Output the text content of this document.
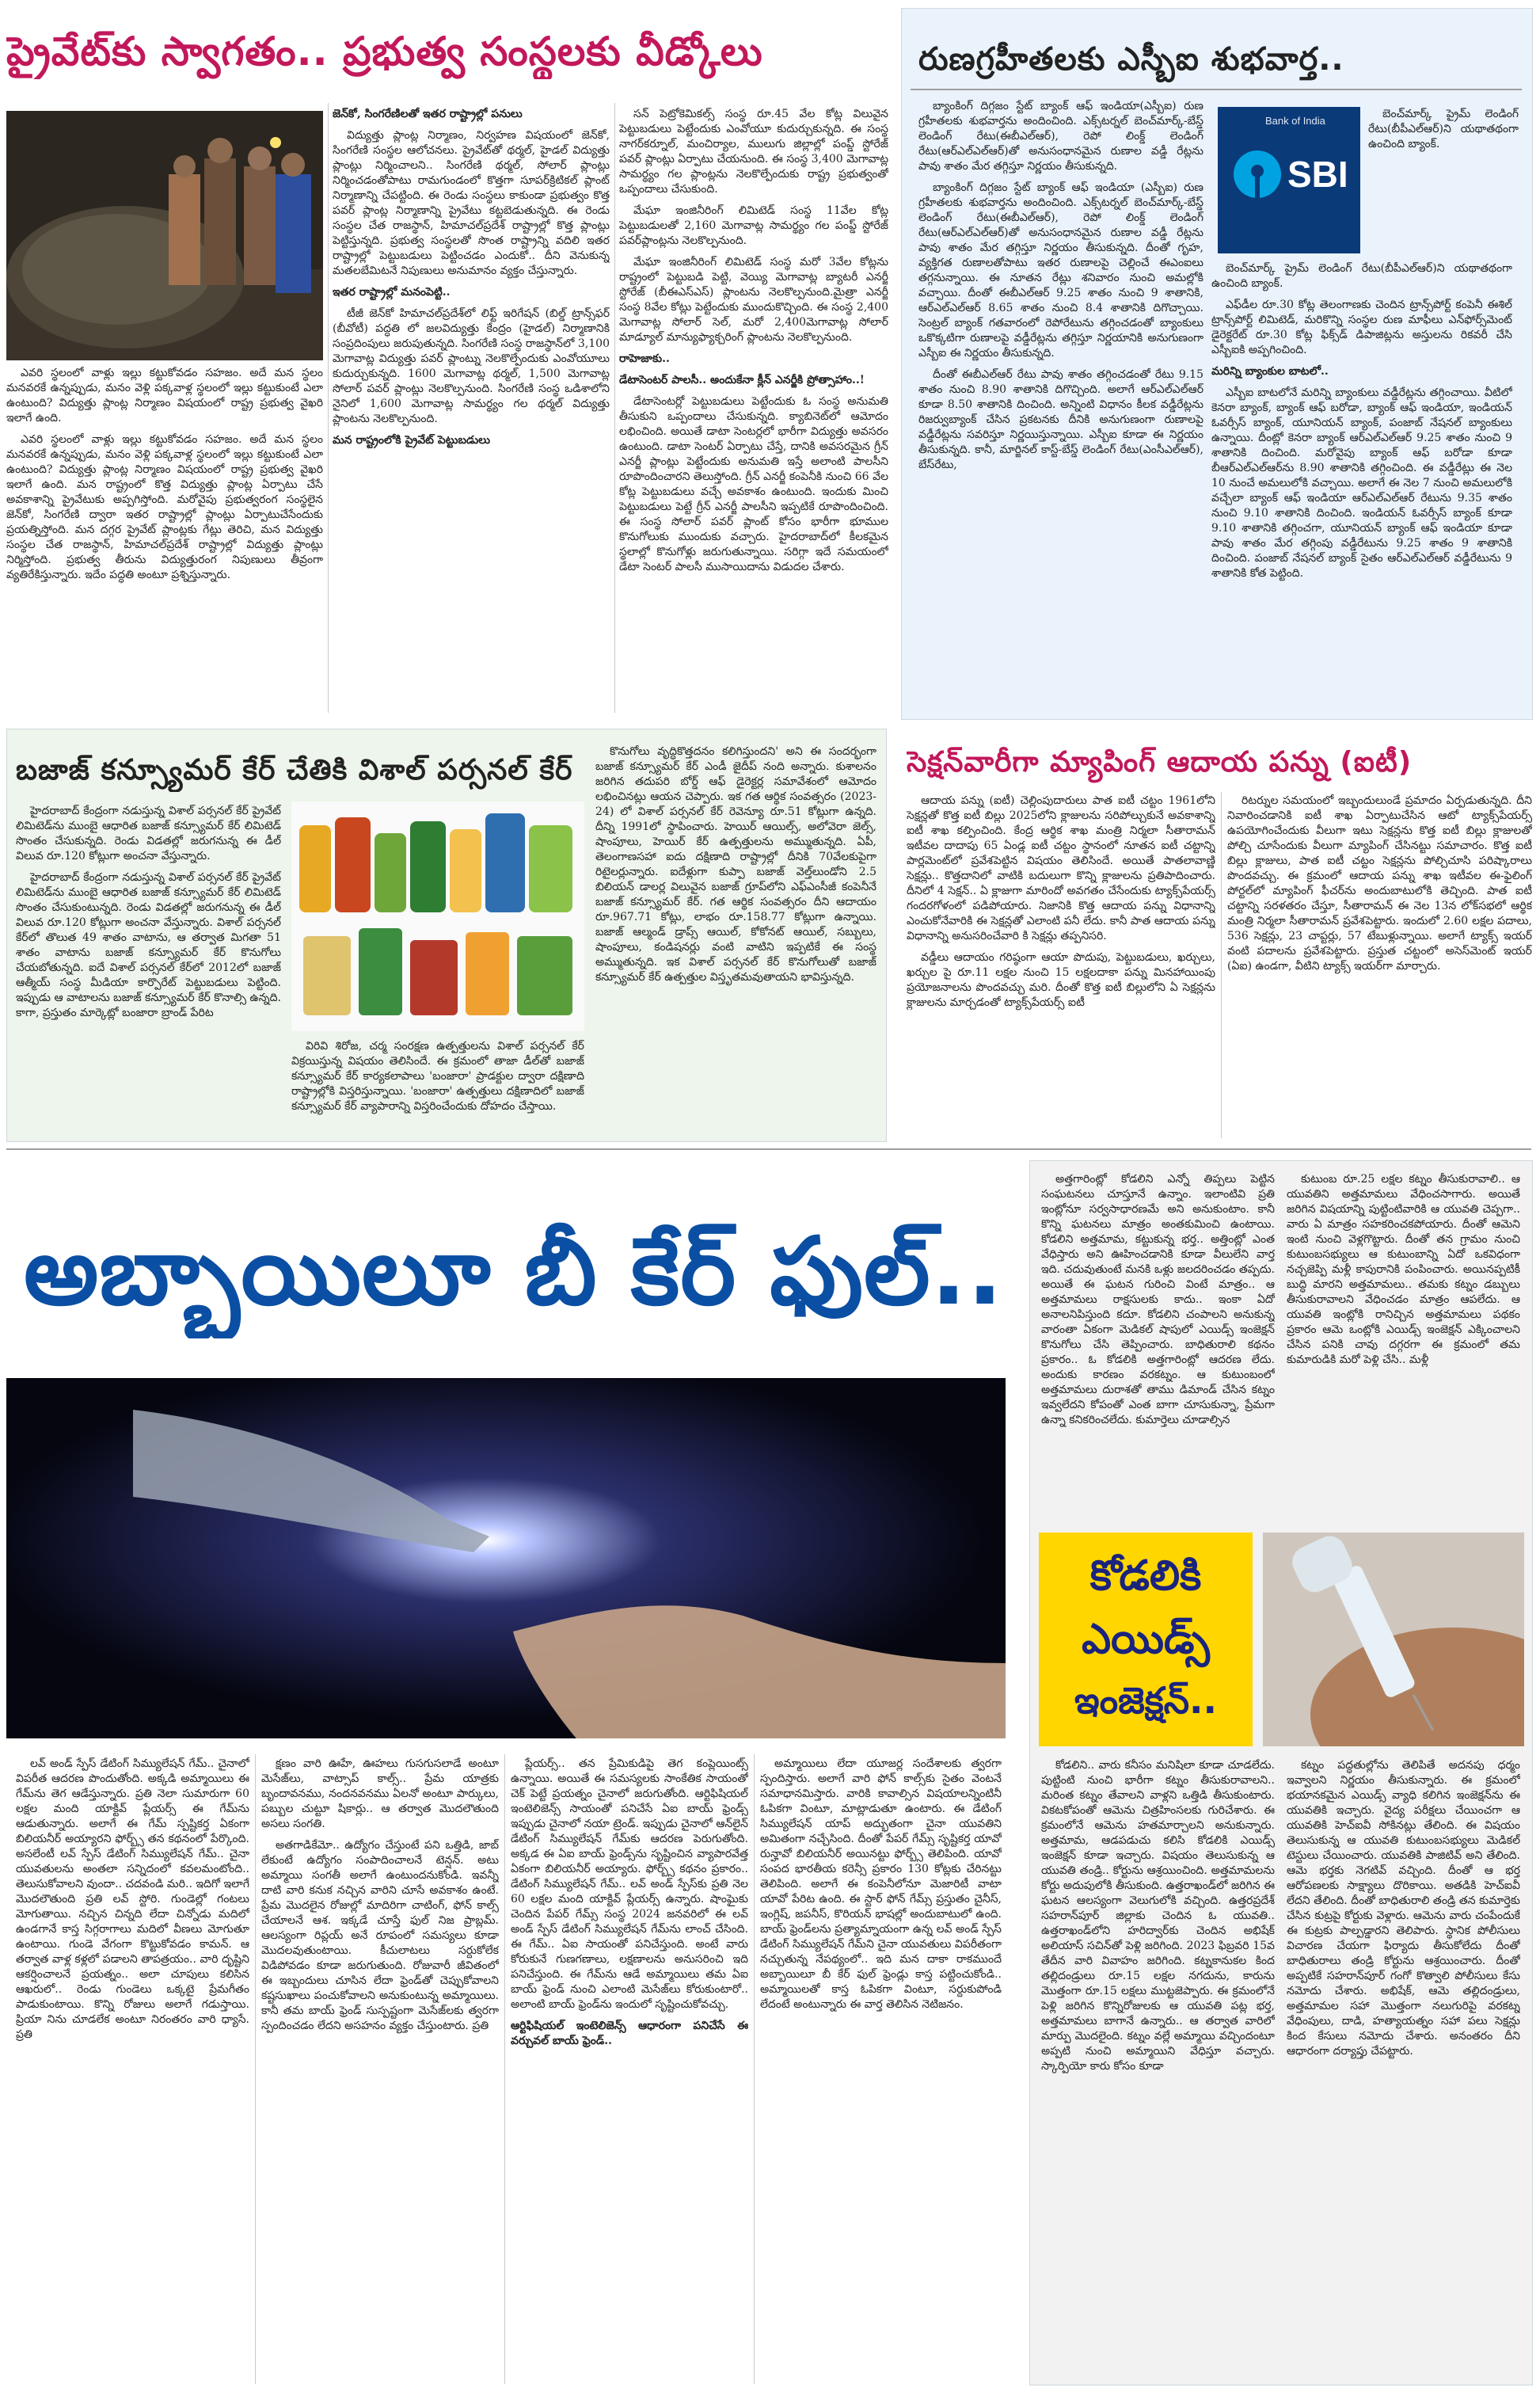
ప్రైవేట్‌కు స్వాగతం.. ప్రభుత్వ సంస్థలకు వీడ్కోలు

ఎవరి స్థలంలో వాళ్లు ఇల్లు కట్టుకోవడం సహజం. అదే మన స్థలం మనవరకే ఉన్నప్పుడు, మనం వెళ్లి పక్కవాళ్ల స్థలంలో ఇల్లు కట్టుకుంటే ఎలా ఉంటుంది? విద్యుత్తు ప్లాంట్ల నిర్మాణం విషయంలో రాష్ట్ర ప్రభుత్వ వైఖరి ఇలాగే ఉంది.

ఎవరి స్థలంలో వాళ్లు ఇల్లు కట్టుకోవడం సహజం. అదే మన స్థలం మనవరకే ఉన్నప్పుడు, మనం వెళ్లి పక్కవాళ్ల స్థలంలో ఇల్లు కట్టుకుంటే ఎలా ఉంటుంది? విద్యుత్తు ప్లాంట్ల నిర్మాణం విషయంలో రాష్ట్ర ప్రభుత్వ వైఖరి ఇలాగే ఉంది. మన రాష్ట్రంలో కొత్త విద్యుత్తు ప్లాంట్ల ఏర్పాటు చేసే అవకాశాన్ని ప్రైవేటుకు అప్పగిస్తోంది. మరోవైపు ప్రభుత్వరంగ సంస్థలైన జెన్‌కో, సింగరేణి ద్వారా ఇతర రాష్ట్రాల్లో ప్లాంట్లు ఏర్పాటుచేసేందుకు ప్రయత్నిస్తోంది. మన దగ్గర ప్రైవేట్ ప్లాంట్లకు గేట్లు తెరిచి, మన విద్యుత్తు సంస్థల చేత రాజస్థాన్, హిమాచల్‌ప్రదేశ్ రాష్ట్రాల్లో విద్యుత్తు ప్లాంట్లు నిర్మిస్తోంది. ప్రభుత్వ తీరును విద్యుత్తురంగ నిపుణులు తీవ్రంగా వ్యతిరేకిస్తున్నారు. ఇదేం పద్ధతి అంటూ ప్రశ్నిస్తున్నారు.

జెన్‌కో, సింగరేణిలతో ఇతర రాష్ట్రాల్లో పనులు

విద్యుత్తు ప్లాంట్ల నిర్మాణం, నిర్వహణ విషయంలో జెన్‌కో, సింగరేణి సంస్థల ఆలోచనలు. ప్రైవేట్‌తో థర్మల్, హైడల్ విద్యుత్తు ప్లాంట్లు నిర్మించాలని.. సింగరేణి థర్మల్, సోలార్ ప్లాంట్లు నిర్మించడంతోపాటు రామగుండంలో కొత్తగా సూపర్‌క్రిటికల్ ప్లాంట్ నిర్మాణాన్ని చేపట్టింది. ఈ రెండు సంస్థలు కాకుండా ప్రభుత్వం కొత్త పవర్ ప్లాంట్ల నిర్మాణాన్ని ప్రైవేటు కట్టబెడుతున్నది. ఈ రెండు సంస్థల చేత రాజస్థాన్, హిమాచల్‌ప్రదేశ్ రాష్ట్రాల్లో కొత్త ప్లాంట్లు పెట్టిస్తున్నది. ప్రభుత్వ సంస్థలతో సొంత రాష్ట్రాన్ని వదిలి ఇతర రాష్ట్రాల్లో పెట్టుబడులు పెట్టించడం ఎందుకో.. దీని వెనుకున్న మతలబేమిటనే నిపుణులు అనుమానం వ్యక్తం చేస్తున్నారు.

ఇతర రాష్ట్రాల్లో మనంపెట్టి..

టీజీ జెన్‌కో హిమాచల్‌ప్రదేశ్‌లో లిఫ్ట్ ఇరిగేషన్ (బిల్డ్ ట్రాన్స్‌ఫర్ (బీవోటీ) పద్ధతి లో జలవిద్యుత్తు కేంద్రం (హైడల్) నిర్మాణానికి సంప్రదింపులు జరుపుతున్నది. సింగరేణి సంస్థ రాజస్థాన్‌లో 3,100 మెగావాట్ల విద్యుత్తు పవర్ ప్లాంట్ను నెలకొల్పేందుకు ఎంవోయూలు కుదుర్చుకున్నది. 1600 మెగావాట్ల థర్మల్, 1,500 మెగావాట్ల సోలార్ పవర్ ప్లాంట్లు నెలకొల్పనుంది. సింగరేణి సంస్థ ఒడిశాలోని నైనిలో 1,600 మెగావాట్ల సామర్థ్యం గల థర్మల్ విద్యుత్తు ప్లాంటను నెలకొల్పనుంది.

మన రాష్ట్రంలోకి ప్రైవేట్ పెట్టుబడులు

సన్ పెట్రోకెమికల్స్ సంస్థ రూ.45 వేల కోట్ల విలువైన పెట్టుబడులు పెట్టేందుకు ఎంవోయూ కుదుర్చుకున్నది. ఈ సంస్థ నాగర్‌కర్నూల్, మంచిర్యాల, ములుగు జిల్లాల్లో పంప్డ్ స్టోరేజ్ పవర్ ప్లాంట్లు ఏర్పాటు చేయనుంది. ఈ సంస్థ 3,400 మెగావాట్ల సామర్థ్యం గల ప్లాంట్లను నెలకొల్పేందుకు రాష్ట్ర ప్రభుత్వంతో ఒప్పందాలు చేసుకుంది.

మేఘా ఇంజినీరింగ్ లిమిటెడ్ సంస్థ 11వేల కోట్ల పెట్టుబడులతో 2,160 మెగావాట్ల సామర్థ్యం గల పంప్డ్ స్టోరేజ్ పవర్‌ప్లాంట్లను నెలకొల్పనుంది.

మేఘా ఇంజినీరింగ్ లిమిటెడ్ సంస్థ మరో 3వేల కోట్లను రాష్ట్రంలో పెట్టుబడి పెట్టి, వెయ్యి మెగావాట్ల బ్యాటరీ ఎనర్జీ స్టోరేజ్ (బీఈఎస్ఎస్) ప్లాంటను నెలకొల్పనుంది.మైత్రా ఎనర్జీ సంస్థ 8వేల కోట్లు పెట్టేందుకు ముందుకొచ్చింది. ఈ సంస్థ 2,400 మెగావాట్ల సోలార్ సెల్, మరో 2,400మెగావాట్ల సోలార్ మాడ్యూల్ మాన్యుఫ్యాక్చరింగ్ ప్లాంటను నెలకొల్పనుంది.

రాహెజాకు..

డేటాసెంటర్ పాలసీ.. అందుకేనా క్లీన్ ఎనర్జీకి ప్రోత్సాహాం..!

డేటాసెంటర్లో పెట్టుబడులు పెట్టేందుకు ఓ సంస్థ అనుమతి తీసుకుని ఒప్పందాలు చేసుకున్నది. క్యాబినెట్‌లో ఆమోదం లభించింది. అయితే డాటా సెంటర్లలో భారీగా విద్యుత్తు అవసరం ఉంటుంది. డాటా సెంటర్ ఏర్పాటు చేస్తే, దానికి అవసరమైన గ్రీన్ ఎనర్జీ ప్లాంట్లు పెట్టేందుకు అనుమతి ఇస్తే అలాంటి పాలసీని రూపొందించారని తెలుస్తోంది. గ్రీన్ ఎనర్జీ కంపెనీకి నుంచి 66 వేల కోట్ల పెట్టుబడులు వచ్చే అవకాశం ఉంటుంది. ఇందుకు మించి పెట్టుబడులు పెట్టే గ్రీన్ ఎనర్జీ పాలసీని ఇప్పటికే రూపొందించింది. ఈ సంస్థ సోలార్ పవర్ ప్లాంట్ కోసం భారీగా భూముల కొనుగోలుకు ముందుకు వచ్చారు. హైదరాబాద్‌లో కీలకమైన స్థలాల్లో కొనుగోళ్లు జరుగుతున్నాయి. సరిగ్గా ఇదే సమయంలో డేటా సెంటర్ పాలసీ ముసాయిదాను విడుదల చేశారు.

రుణగ్రహీతలకు ఎస్బీఐ శుభవార్త..

బ్యాంకింగ్ దిగ్గజం స్టేట్ బ్యాంక్ ఆఫ్ ఇండియా(ఎస్బీఐ) రుణ గ్రహీతలకు శుభవార్తను అందించింది. ఎక్స్‌టర్నల్ బెంచ్‌మార్క్-బేస్డ్ లెండింగ్ రేటు(ఈబీఎల్‌ఆర్), రెపో లింక్డ్ లెండింగ్ రేటు(ఆర్‌ఎల్‌ఎల్‌ఆర్)తో అనుసంధానమైన రుణాల వడ్డీ రేట్లను పావు శాతం మేర తగ్గిస్తూ నిర్ణయం తీసుకున్నది.

బ్యాంకింగ్ దిగ్గజం స్టేట్ బ్యాంక్ ఆఫ్ ఇండియా (ఎస్బీఐ) రుణ గ్రహీతలకు శుభవార్తను అందించింది. ఎక్స్‌టర్నల్ బెంచ్‌మార్క్-బేస్డ్ లెండింగ్ రేటు(ఈబీఎల్‌ఆర్), రెపో లింక్డ్ లెండింగ్ రేటు(ఆర్‌ఎల్‌ఎల్‌ఆర్)తో అనుసంధానమైన రుణాల వడ్డీ రేట్లను పావు శాతం మేర తగ్గిస్తూ నిర్ణయం తీసుకున్నది. దీంతో గృహ, వ్యక్తిగత రుణాలతోపాటు ఇతర రుణాలపై చెల్లించే ఈఎంఐలు తగ్గనున్నాయి. ఈ నూతన రేట్లు శనివారం నుంచి అమల్లోకి వచ్చాయి. దీంతో ఈబీఎల్‌ఆర్ 9.25 శాతం నుంచి 9 శాతానికి, ఆర్‌ఎల్‌ఎల్‌ఆర్ 8.65 శాతం నుంచి 8.4 శాతానికి దిగొచ్చాయి. సెంట్రల్ బ్యాంక్ గతవారంలో రెపోరేటును తగ్గించడంతో బ్యాంకులు ఒకొక్కటిగా రుణాలపై వడ్డీరేట్లను తగ్గిస్తూ నిర్ణయానికి అనుగుణంగా ఎస్బీఐ ఈ నిర్ణయం తీసుకున్నది.

దీంతో ఈబీఎల్‌ఆర్ రేటు పావు శాతం తగ్గించడంతో రేటు 9.15 శాతం నుంచి 8.90 శాతానికి దిగొచ్చింది. అలాగే ఆర్‌ఎల్‌ఎల్‌ఆర్ కూడా 8.50 శాతానికి దించింది. అన్నింటి విధానం కీలక వడ్డీరేట్లను రిజర్వుబ్యాంక్ చేసిన ప్రకటనకు దీనికి అనుగుణంగా రుణాలపై వడ్డీరేట్లను సవరిస్తూ నిర్ణయిస్తున్నాయి. ఎస్బీఐ కూడా ఈ నిర్ణయం తీసుకున్నది. కానీ, మార్జినల్ కాస్ట్-బేస్డ్ లెండింగ్ రేటు(ఎంసీఎల్‌ఆర్), బేస్‌రేటు,

Bank of India
SBI

బెంచ్‌మార్క్ ప్రైమ్ లెండింగ్ రేటు(బీపీఎల్‌ఆర్)ని యథాతథంగా ఉంచింది బ్యాంక్.

ఎఫ్‌డీల రూ.30 కోట్ల తెలంగాణకు చెందిన ట్రాన్స్‌పోర్ట్ కంపెనీ ఈశిల్ ట్రాన్స్‌పోర్ట్ లిమిటెడ్, మరికొన్ని సంస్థల రుణ మాఫీలు ఎన్‌ఫోర్స్‌మెంట్ డైరెక్టరేట్ రూ.30 కోట్ల ఫిక్స్‌డ్ డిపాజిట్లను అస్తులను రికవరీ చేసి ఎస్బీఐకి అప్పగించింది.

మరిన్ని బ్యాంకుల బాటలో..

ఎస్బీఐ బాటలోనే మరిన్ని బ్యాంకులు వడ్డీరేట్లను తగ్గించాయి. వీటిలో కెనరా బ్యాంక్, బ్యాంక్ ఆఫ్ బరోడా, బ్యాంక్ ఆఫ్ ఇండియా, ఇండియన్ ఓవర్సీస్ బ్యాంక్, యూనియన్ బ్యాంక్, పంజాబ్ నేషనల్ బ్యాంకులు ఉన్నాయి. దీంట్లో కెనరా బ్యాంక్ ఆర్‌ఎల్‌ఎల్‌ఆర్ 9.25 శాతం నుంచి 9 శాతానికి దించింది. మరోవైపు బ్యాంక్ ఆఫ్ బరోడా కూడా బీఆర్‌ఎల్‌ఎల్‌ఆర్‌ను 8.90 శాతానికి తగ్గించింది. ఈ వడ్డీరేట్లు ఈ నెల 10 నుంచే అమలులోకి వచ్చాయి. అలాగే ఈ నెల 7 నుంచి అమలులోకి వచ్చేలా బ్యాంక్ ఆఫ్ ఇండియా ఆర్‌ఎల్‌ఎల్‌ఆర్ రేటును 9.35 శాతం నుంచి 9.10 శాతానికి దించింది. ఇండియన్ ఓవర్సీస్ బ్యాంక్ కూడా 9.10 శాతానికి తగ్గించగా, యూనియన్ బ్యాంక్ ఆఫ్ ఇండియా కూడా పావు శాతం మేర తగ్గింపు వడ్డీరేటును 9.25 శాతం 9 శాతానికి దించింది. పంజాబ్ నేషనల్ బ్యాంక్ సైతం ఆర్‌ఎల్‌ఎల్‌ఆర్ వడ్డీరేటును 9 శాతానికి కోత పెట్టింది.

బెంచ్‌మార్క్ ప్రైమ్ లెండింగ్ రేటు(బీపీఎల్‌ఆర్)ని యథాతథంగా ఉంచింది బ్యాంక్.

బజాజ్ కన్స్యూమర్ కేర్ చేతికి విశాల్ పర్సనల్ కేర్

హైదరాబాద్ కేంద్రంగా నడుస్తున్న విశాల్ పర్సనల్ కేర్ ప్రైవేట్ లిమిటెడ్‌ను ముంబై ఆధారిత బజాజ్ కన్స్యూమర్ కేర్ లిమిటెడ్ సొంతం చేసుకున్నది. రెండు విడతల్లో జరుగనున్న ఈ డీల్ విలువ రూ.120 కోట్లుగా అంచనా వేస్తున్నారు.

హైదరాబాద్ కేంద్రంగా నడుస్తున్న విశాల్ పర్సనల్ కేర్ ప్రైవేట్ లిమిటెడ్‌ను ముంబై ఆధారిత బజాజ్ కన్స్యూమర్ కేర్ లిమిటెడ్ సొంతం చేసుకుంటున్నది. రెండు విడతల్లో జరుగనున్న ఈ డీల్ విలువ రూ.120 కోట్లుగా అంచనా వేస్తున్నారు. విశాల్ పర్సనల్ కేర్‌లో తొలుత 49 శాతం వాటాను, ఆ తర్వాత మిగతా 51 శాతం వాటాను బజాజ్ కన్స్యూమర్ కేర్ కొనుగోలు చేయబోతున్నది. ఐదే విశాల్ పర్సనల్ కేర్‌లో 2012లో బజాజ్ ఆత్మీయ్ సంస్థ మీడియా కార్పొరేట్ పెట్టుబడులు పెట్టింది. ఇప్పుడు ఆ వాటాలను బజాజ్ కన్స్యూమర్ కేర్ కొనాల్సి ఉన్నది. కాగా, ప్రస్తుతం మార్కెట్లో బంజారా బ్రాండ్ పేరిట

విరివి శిరోజ, చర్మ సంరక్షణ ఉత్పత్తులను విశాల్ పర్సనల్ కేర్ విక్రయిస్తున్న విషయం తెలిసిందే. ఈ క్రమంలో తాజా డీల్‌తో బజాజ్ కన్స్యూమర్ కేర్ కార్యకలాపాలు 'బంజారా' ప్రాడక్టుల ద్వారా దక్షిణాది రాష్ట్రాల్లోకి విస్తరిస్తున్నాయి. 'బంజారా' ఉత్పత్తులు దక్షిణాదిలో బజాజ్ కన్స్యూమర్ కేర్ వ్యాపారాన్ని విస్తరించేందుకు దోహదం చేస్తాయి.

కొనుగోలు వృద్ధికొత్తదనం కలిగిస్తుందని' అని ఈ సందర్భంగా బజాజ్ కన్స్యూమర్ కేర్ ఎండీ జైదీప్ నంది అన్నారు. కుశాలనం జరిగిన తదుపరి బోర్డ్ ఆఫ్ డైరెక్టర్ల సమావేశంలో ఆమోదం లభించినట్లు ఆయన చెప్పారు. ఇక గత ఆర్థిక సంవత్సరం (2023-24) లో విశాల్ పర్సనల్ కేర్ రెవెన్యూ రూ.51 కోట్లుగా ఉన్నది. దీన్ని 1991లో స్థాపించారు. హెయిర్ ఆయిల్స్, అలోవెరా జెల్స్, షాంపూలు, హెయిర్ కేర్ ఉత్పత్తులను అమ్ముతున్నది. ఏపీ, తెలంగాణసహా ఐదు దక్షిణాది రాష్ట్రాల్లో దీనికి 70వేలకుపైగా రిటైలర్లున్నారు. ఐదేళ్లుగా కుప్పా బజాజ్ వెల్త్‌లుండోని 2.5 బిలియన్ డాలర్ల విలువైన బజాజ్ గ్రూప్‌లోని ఎఫ్‌ఎంసీజీ కంపెనీనే బజాజ్ కన్స్యూమర్ కేర్. గత ఆర్థిక సంవత్సరం దీని ఆదాయం రూ.967.71 కోట్లు, లాభం రూ.158.77 కోట్లుగా ఉన్నాయి. బజాజ్ ఆల్మండ్ డ్రాప్స్ ఆయిల్, కోకోనట్ ఆయిల్, సబ్బులు, షాంపూలు, కండిషనర్లు వంటి వాటిని ఇప్పటికే ఈ సంస్థ అమ్ముతున్నది. ఇక విశాల్ పర్సనల్ కేర్ కొనుగోలుతో బజాజ్ కన్స్యూమర్ కేర్ ఉత్పత్తుల విస్తృతమవుతాయని భావిస్తున్నది.

సెక్షన్‌వారీగా మ్యాపింగ్ ఆదాయ పన్ను (ఐటీ)

ఆదాయ పన్ను (ఐటీ) చెల్లింపుదారులు పాత ఐటీ చట్టం 1961లోని సెక్షన్లతో కొత్త ఐటీ బిల్లు 2025లోని క్లాజులను సరిపోల్చుకునే అవకాశాన్ని ఐటీ శాఖ కల్పించింది. కేంద్ర ఆర్థిక శాఖ మంత్రి నిర్మలా సీతారామన్ ఇటీవల దాదాపు 65 ఏండ్ల ఐటీ చట్టం స్థానంలో నూతన ఐటీ చట్టాన్ని పార్లమెంట్‌లో ప్రవేశపెట్టిన విషయం తెలిసిందే. అయితే పాతలావాణ్ణి సెక్షన్లు.. కొత్తదానిలో వాటికి బదులుగా కొన్ని క్లాజులను ప్రతిపాదించారు. దీనిలో 4 సెక్షన్.. ఏ క్లాజుగా మారిందో అవగతం చేసేందుకు ట్యాక్స్‌పేయర్స్ గందరగోళంలో పడిపోయారు. నిజానికి కొత్త ఆదాయ పన్ను విధానాన్ని ఎంచుకోనేవారికి ఈ సెక్షన్లతో ఎలాంటి పనీ లేదు. కానీ పాత ఆదాయ పన్ను విధానాన్ని అనుసరించేవారి కి సెక్షన్లు తప్పనిసరి.

వడ్డీలు ఆదాయం గరిష్ఠంగా ఆయా పొదుపు, పెట్టుబడులు, ఖర్చులు, ఖర్చుల పై రూ.11 లక్షల నుంచి 15 లక్షలదాకా పన్ను మినహాయింపు ప్రయోజనాలను పొందవచ్చు మరి. దీంతో కొత్త ఐటీ బిల్లులోని ఏ సెక్షన్లను క్లాజులను మార్చడంతో ట్యాక్స్‌పేయర్స్ ఐటీ

రిటర్నుల సమయంలో ఇబ్బందులుండే ప్రమాదం ఏర్పడుతున్నది. దీని నివారించడానికి ఐటీ శాఖ ఏర్పాటుచేసిన ఆటో ట్యాక్స్‌పేయర్స్ ఉపయోగించేందుకు వీలుగా ఇటు సెక్షన్లను కొత్త ఐటీ బిల్లు క్లాజులతో పోల్చి చూసేందుకు వీలుగా మ్యాపింగ్ చేసినట్టు సమాచారం. కొత్త ఐటీ బిల్లు క్లాజులు, పాత ఐటీ చట్టం సెక్షన్లను పోల్చిచూసి పరిష్కారాలు పొందవచ్చు. ఈ క్రమంలో ఆదాయ పన్ను శాఖ ఇటీవల ఈ-ఫైలింగ్ పోర్టల్‌లో మ్యాపింగ్ ఫీచర్‌ను అందుబాటులోకి తెచ్చింది. పాత ఐటీ చట్టాన్ని సరళతరం చేస్తూ, సీతారామన్ ఈ నెల 13న లోక్‌సభలో ఆర్థిక మంత్రి నిర్మలా సీతారామన్ ప్రవేశపెట్టారు. ఇందులో 2.60 లక్షల పదాలు, 536 సెక్షన్లు, 23 చాప్టర్లు, 57 టేబుళ్లున్నాయి. అలాగే ట్యాక్స్ ఇయర్ వంటి పదాలను ప్రవేశపెట్టారు. ప్రస్తుత చట్టంలో అసెస్‌మెంట్ ఇయర్ (ఏఐ) ఉండగా, వీటిని ట్యాక్స్ ఇయర్‌గా మార్చారు.

అబ్బాయిలూ బీ కేర్ ఫుల్..

లవ్ అండ్ స్పేస్ డేటింగ్ సిమ్యులేషన్ గేమ్.. చైనాలో విపరీత ఆదరణ పొందుతోంది. అక్కడి అమ్మాయిలు ఈ గేమ్‌ను తెగ ఆడేస్తున్నారు. ప్రతి నెలా సుమారుగా 60 లక్షల మంది యాక్టివ్ ప్లేయర్స్ ఈ గేమ్‌ను ఆడుతున్నారు. అలాగే ఈ గేమ్ స్పష్టికర్త ఏకంగా బిలియనీర్ అయ్యారని ఫోర్బ్స్ తన కథనంలో పేర్కొంది. అసలేంటీ లవ్ స్పేస్ డేటింగ్ సిమ్యులేషన్ గేమ్.. చైనా యువతులను అంతలా సన్నిదంలో కవలమంటోంది.. తెలుసుకోవాలని వుందా.. చదవండి మరి.. ఇదిగో ఇలాగే మొదలౌతుంది ప్రతి లవ్ స్టోరి. గుండెల్లో గంటలు మోగుతాయి. నచ్చిన చిన్నది లేదా చిన్నోడు మదిలో ఉండగానే కాస్త సిగ్గరాగాలు మదిలో వీణలు మోగుతూ ఉంటాయి. గుండె వేగంగా కొట్టుకోవడం కామన్. ఆ తర్వాత వాళ్ల కళ్లలో పడాలని తాపత్రయం.. వారి దృష్టిని ఆకర్షించాలనే ప్రయత్నం.. అలా చూపులు కలిసిన ఆఖరులో.. రెండు గుండెలు ఒక్కటై ప్రేమగీతం పాడుకుంటాయి. కొన్ని రోజులు అలాగే గడుస్తాయి. ప్రియా నిను చూడలేక అంటూ నిరంతరం వారి ధ్యాసే. ప్రతి

క్షణం వారి ఊహే, ఊహలు గుసగుసలాడే అంటూ మెసేజ్‌లు, వాట్సాప్ కాల్స్.. ప్రేమ యాత్రకు బృందావనము, నందనవనము ఏలనో అంటూ పార్కులు, పబ్బుల చుట్టూ షికార్లు.. ఆ తర్వాత మొదలౌతుంది అసలు సంగతి.

అతగాడికేమో.. ఉద్యోగం చేస్తుంటే పని ఒత్తిడి, జాబ్ లేకుంటే ఉద్యోగం సంపాదించాలనే టెన్షన్. అటు అమ్మాయి సంగతీ అలాగే ఉంటుందనుకోండి. ఇవన్నీ దాటి వారి కనుక నచ్చిన వారిని చూసే అవకాశం ఉంటే. ప్రేమ మొదలైన రోజుల్లో మాదిరిగా చాటింగ్, ఫోన్ కాల్స్ చేయాలనే ఆశ. ఇక్కడే చూస్తే ఫుల్ నిజ ప్రాబ్లమ్. ఆలస్యంగా రిప్లయ్ అనే రూపంలో సమస్యలు కూడా మొదలవుతుంటాయి. కీచులాటలు సర్దుకోలేక విడిపోవడం కూడా జరుగుతుంది. రోజువారీ జీవితంలో ఈ ఇబ్బందులు చూసిన లేదా ఫ్రెండ్‌తో చెప్పుకోవాలని కష్టసుఖాలు పంచుకోవాలని అనుకుంటున్న అమ్మాయిలు. కానీ తమ బాయ్ ఫ్రెండ్ సుస్పష్టంగా మెసేజ్‌లకు త్వరగా స్పందించడం లేదని అసహనం వ్యక్తం చేస్తుంటారు. ప్రతి

ప్లేయర్స్.. తన ప్రేమికుడిపై తెగ కంప్లెయింట్స్ ఉన్నాయి. అయితే ఈ సమస్యలకు సాంకేతిక సాయంతో చెక్ పెట్టే ప్రయత్నం చైనాలో జరుగుతోంది. ఆర్టిఫిషియల్ ఇంటెలిజెన్స్ సాయంతో పనిచేసే ఏఐ బాయ్ ఫ్రెండ్స్ ఇప్పుడు చైనాలో నయా ట్రెండ్. ఇప్పుడు చైనాలో ఆన్‌లైన్ డేటింగ్ సిమ్యులేషన్ గేమ్‌కు ఆదరణ పెరుగుతోంది. అక్కడ ఈ ఏఐ బాయ్ ఫ్రెండ్స్‌ను సృష్టించిన వ్యాపారవేత్త ఏకంగా బిలియనీర్ అయ్యారు. ఫోర్బ్స్ కథనం ప్రకారం.. డేటింగ్ సిమ్యులేషన్ గేమ్.. లవ్ అండ్ స్పేస్‌కు ప్రతి నెల 60 లక్షల మంది యాక్టివ్ ప్లేయర్స్ ఉన్నారు. షాంఘైకు చెందిన పేపర్ గేమ్స్ సంస్థ 2024 జనవరిలో ఈ లవ్ అండ్ స్పేస్ డేటింగ్ సిమ్యులేషన్ గేమ్‌ను లాంచ్ చేసింది. ఈ గేమ్.. ఏఐ సాయంతో పనిచేస్తుంది. అంటే వారు కోరుకునే గుణగణాలు, లక్షణాలను అనుసరించి ఇది పనిచేస్తుంది. ఈ గేమ్‌ను ఆడే అమ్మాయిలు తమ ఏఐ బాయ్ ఫ్రెండ్ నుంచి ఎలాంటి మెసేజ్‌లు కోరుకుంటారో.. అలాంటి బాయ్ ఫ్రెండ్‌ను ఇందులో సృష్టించుకోవచ్చు.

ఆర్టిఫిషియల్ ఇంటెలిజెన్స్ ఆధారంగా పనిచేసే ఈ వర్చువల్ బాయ్ ఫ్రెండ్..

అమ్మాయిలు లేదా యూజర్ల సందేశాలకు త్వరగా స్పందిస్తారు. అలాగే వారి ఫోన్ కాల్స్‌కు సైతం వెంటనే సమాధానమిస్తారు. వారికి కావాల్సిన విషయాలన్నింటినీ ఓపికగా వింటూ, మాట్లాడుతూ ఉంటారు. ఈ డేటింగ్ సిమ్యులేషన్ యాప్ అద్భుతంగా చైనా యువతిని అమితంగా నచ్చేసింది. దీంతో పేపర్ గేమ్స్ సృష్టికర్త యావో రున్హావో బిలియనీర్ అయినట్టు ఫోర్బ్స్ తెలిపింది. యావో సంపద భారతీయ కరెన్సీ ప్రకారం 130 కోట్లకు చేరినట్టు తెలిపింది. అలాగే ఈ కంపెనీలోనూ మెజారిటీ వాటా యావో పేరిట ఉంది. ఈ స్టార్ ఫోన్ గేమ్స్ ప్రస్తుతం చైనీస్, ఇంగ్లిష్, జపనీస్, కొరియన్ భాషల్లో అందుబాటులో ఉంది. బాయ్ ఫ్రెండ్‌లను ప్రత్యామ్నాయంగా ఉన్న లవ్ అండ్ స్పేస్ డేటింగ్ సిమ్యులేషన్ గేమ్‌ని చైనా యువతులు విపరీతంగా నచ్చుతున్న నేపథ్యంలో.. ఇది మన దాకా రాకముందే అబ్బాయిలూ బీ కేర్ ఫుల్ ఫ్రెండ్లు కాస్త పట్టించుకోండి.. అమ్మాయిలతో కాస్త ఓపికగా వింటూ, సర్దుకుపోండి లేదంటే అంటున్నారు ఈ వార్త తెలిసిన నెటిజనం.

అత్తగారింట్లో కోడలిని ఎన్నో తిప్పలు పెట్టిన సంఘటనలు చూస్తూనే ఉన్నాం. ఇలాంటివి ప్రతి ఇంట్లోనూ సర్వసాధారణమే అని అనుకుంటాం. కానీ కొన్ని ఘటనలు మాత్రం అంతకుమించి ఉంటాయి. కోడలిని అత్తమామ, కట్టుకున్న భర్త.. అత్తింట్లో ఎంత వేధిస్తారు అని ఊహించడానికి కూడా వీలులేని వార్త ఇది. చదువుతుంటే మనకి ఒళ్లు జలదరించడం తప్పదు. అయితే ఈ ఘటన గురించి వింటే మాత్రం.. ఆ అత్తమామలు రాక్షసులకు కాదు.. ఇంకా ఏదో అనాలనిపిస్తుంది కదూ. కోడలిని చంపాలని అనుకున్న వారంతా ఏకంగా మెడికల్ షాపులో ఎయిడ్స్ ఇంజెక్షన్ కొనుగోలు చేసి తెప్పించారు. బాధితురాలి కథనం ప్రకారం.. ఓ కోడలికి అత్తగారింట్లో ఆదరణ లేదు. అందుకు కారణం వరకట్నం. ఆ కుటుంబంలో అత్తమామలు దురాశతో తాము డిమాండ్ చేసిన కట్నం ఇవ్వలేదని కోపంతో ఎంత బాగా చూసుకున్నా, ప్రేమగా ఉన్నా కనికరించలేదు. కుమార్తెలు చూడాల్సిన

కుటుంబ రూ.25 లక్షల కట్నం తీసుకురావాలి.. ఆ యువతిని అత్తమామలు వేధించసాగారు. అయితే జరిగిన విషయాన్ని పుట్టింటివారికి ఆ యువతి చెప్పగా.. వారు ఏ మాత్రం సహకరించకపోయారు. దీంతో ఆమెని ఇంటి నుంచి వెళ్లగొట్టారు. దీంతో తన గ్రామం నుంచి కుటుంబసభ్యులు ఆ కుటుంబాన్ని ఏదో ఒకవిధంగా నచ్చజెప్పి మళ్లీ కాపురానికి పంపించారు. అయినప్పటికీ బుద్ధి మారని అత్తమామలు.. తమకు కట్నం డబ్బులు తీసుకురావాలని వేధించడం మాత్రం ఆపలేదు. ఆ యువతి ఇంట్లోకి రానిచ్చిన అత్తమామలు పథకం ప్రకారం ఆమె ఒంట్లోకి ఎయిడ్స్ ఇంజెక్షన్ ఎక్కించాలని చేసిన పనికి చావు దగ్గరగా ఈ క్రమంలో తమ కుమారుడికి మరో పెళ్లి చేసి.. మళ్లీ

కోడలికి
ఎయిడ్స్
ఇంజెక్షన్..

కోడలిని.. వారు కనీసం మనిషిలా కూడా చూడలేదు. పుట్టింటి నుంచి భారీగా కట్నం తీసుకురావాలని.. మరింత కట్నం తేవాలని వాళ్లని ఒత్తిడి తీసుకుంటారు. వికటకోపంతో ఆమెను చిత్రహింసలకు గురిచేశారు. ఈ క్రమంలోనే ఆమెను హతమార్చాలని అనుకున్నారు. అత్తమామ, ఆడపడుచు కలిసి కోడలికి ఎయిడ్స్ ఇంజెక్షన్ కూడా ఇచ్చారు. విషయం తెలుసుకున్న ఆ యువతి తండ్రి.. కోర్టును ఆశ్రయించింది. అత్తమామలను కోర్టు అదుపులోకి తీసుకుంది. ఉత్తరాఖండ్‌లో జరిగిన ఈ ఘటన ఆలస్యంగా వెలుగులోకి వచ్చింది. ఉత్తరప్రదేశ్ సహరాన్‌పూర్ జిల్లాకు చెందిన ఓ యువతి.. ఉత్తరాఖండ్‌లోని హరిద్వార్‌కు చెందిన అభిషేక్ అలియాస్ సచిన్‌తో పెళ్లి జరిగింది. 2023 ఫిబ్రవరి 15వ తేదీన వారి వివాహం జరిగింది. కట్నకానుకల కింద తల్లిదండ్రులు రూ.15 లక్షల నగదును, కారును మొత్తంగా రూ.15 లక్షలు ముట్టజెప్పారు. ఈ క్రమంలోనే పెళ్లి జరిగిన కొన్నిరోజులకు ఆ యువతి పట్ల భర్త, అత్తమామలు బాగానే ఉన్నారు.. ఆ తర్వాత వారిలో మార్పు మొదలైంది. కట్నం వల్లే అమ్మాయి వచ్చిందంటూ అప్పటి నుంచి అమ్మాయిని వేధిస్తూ వచ్చారు. స్కార్పియో కారు కోసం కూడా

కట్నం పద్ధతుల్లోను తెలిపితే అదనపు ధర్మం ఇవ్వాలని నిర్ణయం తీసుకున్నారు. ఈ క్రమంలో భయానకమైన ఎయిడ్స్ వ్యాధి కలిగిన ఇంజెక్షన్‌ను ఈ యువతికి ఇచ్చారు. వైద్య పరీక్షలు చేయించగా ఆ యువతికి హెచ్‌ఐవీ సోకినట్లు తేలింది. ఈ విషయం తెలుసుకున్న ఆ యువతి కుటుంబసభ్యులు మెడికల్ టెస్టులు చేయించారు. యువతికి పాజిటివ్ అని తేలింది. ఆమె భర్తకు నెగటివ్ వచ్చింది. దీంతో ఆ భర్త ఆరోపణలకు సాక్ష్యాలు దొరికాయి. అతడికి హెచ్‌ఐవీ లేదని తేలింది. దీంతో బాధితురాలి తండ్రి తన కుమార్తెకు చేసిన కుట్రపై కోర్టుకు వెళ్లారు. ఆమెను వారు చంపేందుకే ఈ కుట్రకు పాల్పడ్డారని తెలిపారు. స్థానిక పోలీసులు విచారణ చేయగా ఫిర్యాదు తీసుకోలేదు దీంతో బాధితురాలు తండ్రి కోర్టును ఆశ్రయించారు. దీంతో అప్పటికే సహరాన్‌పూర్ గంగో కొత్వాలి పోలీసులు కేసు నమోదు చేశారు. అభిషేక్, ఆమె తల్లిదండ్రులు, అత్తమామల సహా మొత్తంగా నలుగురిపై వరకట్న వేధింపులు, దాడి, హత్యాయత్నం సహా పలు సెక్షన్లు కింద కేసులు నమోదు చేశారు. అనంతరం దీని ఆధారంగా దర్యాప్తు చేపట్టారు.
